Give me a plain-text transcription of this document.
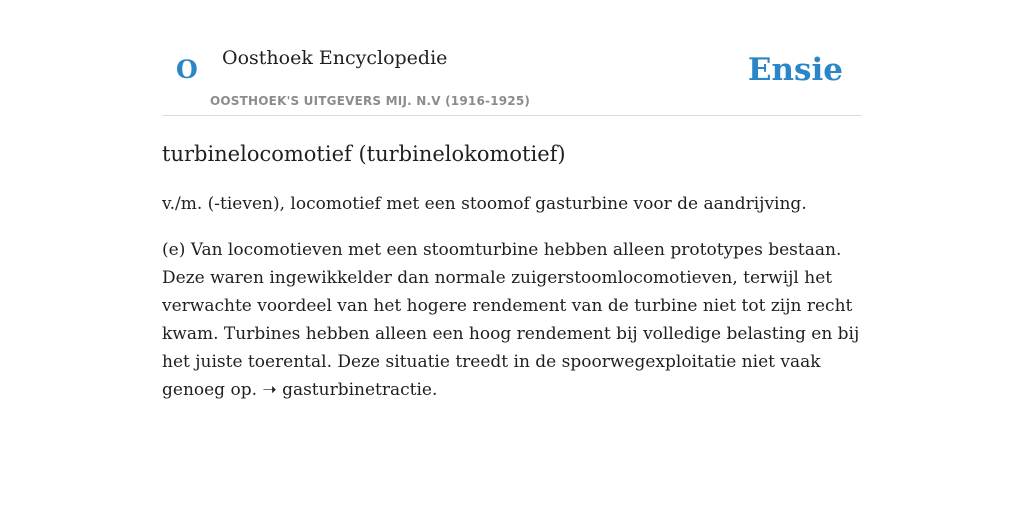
O Oosthoek Encyclopedie
OOSTHOEK'S UITGEVERS MIJ. N.V (1916-1925)
Ensie
turbinelocomotief (turbinelokomotief)

v./m. (-tieven), locomotief met een stoomof gasturbine voor de aandrijving.

(e) Van locomotieven met een stoomturbine hebben alleen prototypes bestaan. Deze waren ingewikkelder dan normale zuigerstoomlocomotieven, terwijl het verwachte voordeel van het hogere rendement van de turbine niet tot zijn recht kwam. Turbines hebben alleen een hoog rendement bij volledige belasting en bij het juiste toerental. Deze situatie treedt in de spoorwegexploitatie niet vaak genoeg op. ➝ gasturbinetractie.
